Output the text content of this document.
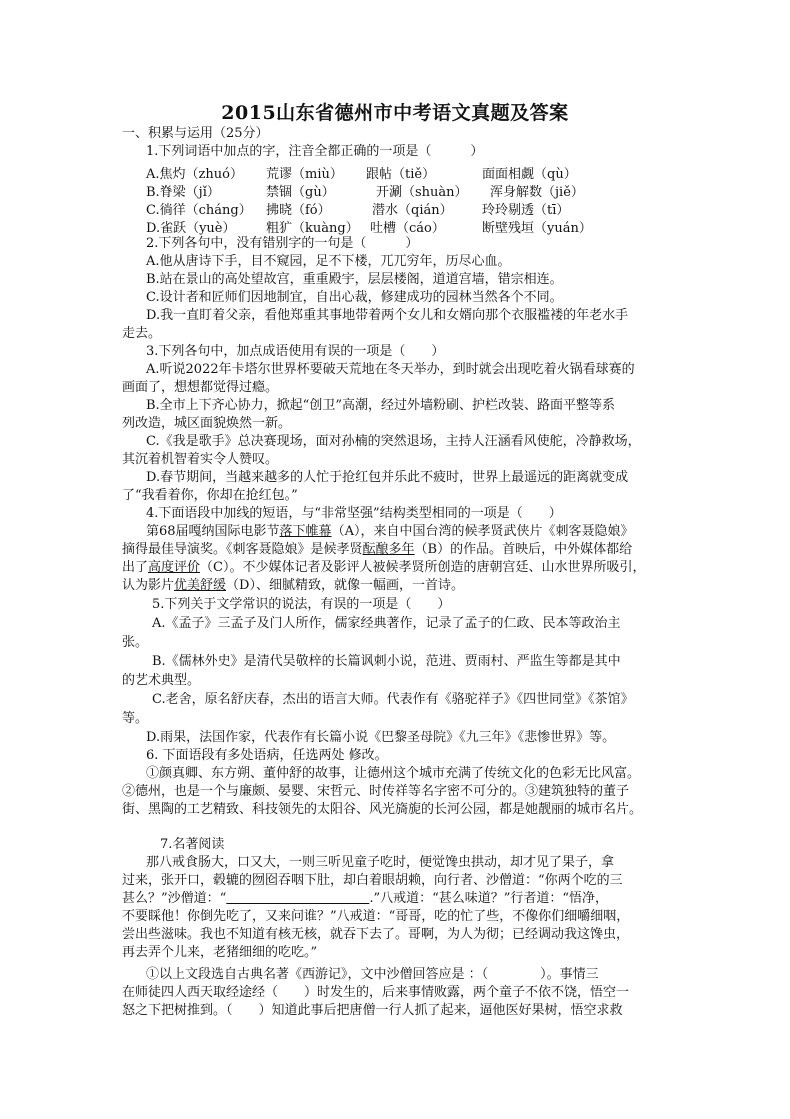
2015山东省德州市中考语文真题及答案
一、积累与运用（25分）
1.下列词语中加点的字，注音全都正确的一项是（　　　）
A.焦灼（zhuó） 荒谬（miù） 跟帖（tiě）	面面相觑（qù）
B.脊梁（jǐ）	禁锢（gù）	开涮（shuàn） 浑身解数（jiě）
C.徜徉（cháng） 拂晓（fó）	潜水（qián） 玲玲剔透（tī）
D.雀跃（yuè） 粗犷（kuàng） 吐槽（cáo）	断壁残垣（yuán）
2.下列各句中，没有错别字的一句是（　　　）
A.他从唐诗下手，目不窥园，足不下楼，兀兀穷年，历尽心血。
B.站在景山的高处望故宫，重重殿宇，层层楼阁，道道宫墙，错宗相连。
C.设计者和匠师们因地制宜，自出心裁，修建成功的园林当然各个不同。
D.我一直盯着父亲，看他郑重其事地带着两个女儿和女婿向那个衣服褴褛的年老水手
走去。
3.下列各句中，加点成语使用有误的一项是（　　）
A.听说2022年卡塔尔世界杯要破天荒地在冬天举办，到时就会出现吃着火锅看球赛的
画面了，想想都觉得过瘾。
B.全市上下齐心协力，掀起“创卫”高潮，经过外墙粉刷、护栏改装、路面平整等系
列改造，城区面貌焕然一新。
C.《我是歌手》总决赛现场，面对孙楠的突然退场，主持人汪涵看风使舵，冷静救场，
其沉着机智着实令人赞叹。
D.春节期间，当越来越多的人忙于抢红包并乐此不疲时，世界上最遥远的距离就变成
了“我看着你，你却在抢红包。”
4.下面语段中加线的短语，与“非常坚强”结构类型相同的一项是（　　）
第68届嘎纳国际电影节落下帷幕（A），来自中国台湾的候孝贤武侠片《刺客聂隐娘》
摘得最佳导演奖。《刺客聂隐娘》是候孝贤酝酿多年（B）的作品。首映后，中外媒体都给
出了高度评价（C）。不少媒体记者及影评人被候孝贤所创造的唐朝宫廷、山水世界所吸引，
认为影片优美舒缓（D）、细腻精致，就像一幅画，一首诗。
5.下列关于文学常识的说法，有误的一项是（　　）
A.《孟子》三孟子及门人所作，儒家经典著作，记录了孟子的仁政、民本等政治主
张。
B.《儒林外史》是清代吴敬梓的长篇讽刺小说，范进、贾雨村、严监生等都是其中
的艺术典型。
C.老舍，原名舒庆春，杰出的语言大师。代表作有《骆驼祥子》《四世同堂》《茶馆》
等。
D.雨果，法国作家，代表作有长篇小说《巴黎圣母院》《九三年》《悲惨世界》等。
6. 下面语段有多处语病，任选两处 修改。
①颜真卿、东方朔、董仲舒的故事，让德州这个城市充满了传统文化的色彩无比风富。
②德州，也是一个与廉颇、晏婴、宋哲元、时传祥等名字密不可分的。③建筑独特的董子
街、黑陶的工艺精致、科技领先的太阳谷、风光旖旎的长河公园，都是她靓丽的城市名片。
7.名著阅读
那八戒食肠大，口又大，一则三听见童子吃时，便觉馋虫拱动，却才见了果子，拿
过来，张开口，毂辘的囫囵吞咽下肚，却白着眼胡赖，向行者、沙僧道：“你两个吃的三
甚么？”沙僧道：“　　　　　　　　　　　	.”八戒道：“甚么味道？”行者道：“悟净，
不要睬他！你倒先吃了，又来问谁？”八戒道：“哥哥，吃的忙了些，不像你们细嚼细咽，
尝出些滋味。我也不知道有核无核，就吞下去了。哥啊，为人为彻；已经调动我这馋虫，
再去弄个儿来，老猪细细的吃吃。”
①以上文段选自古典名著《西游记》，文中沙僧回答应是 ：（　　　　）。事情三
在师徒四人西天取经途经（　　）时发生的，后来事情败露，两个童子不依不饶，悟空一
怒之下把树推到。（　　）知道此事后把唐僧一行人抓了起来，逼他医好果树，悟空求救
